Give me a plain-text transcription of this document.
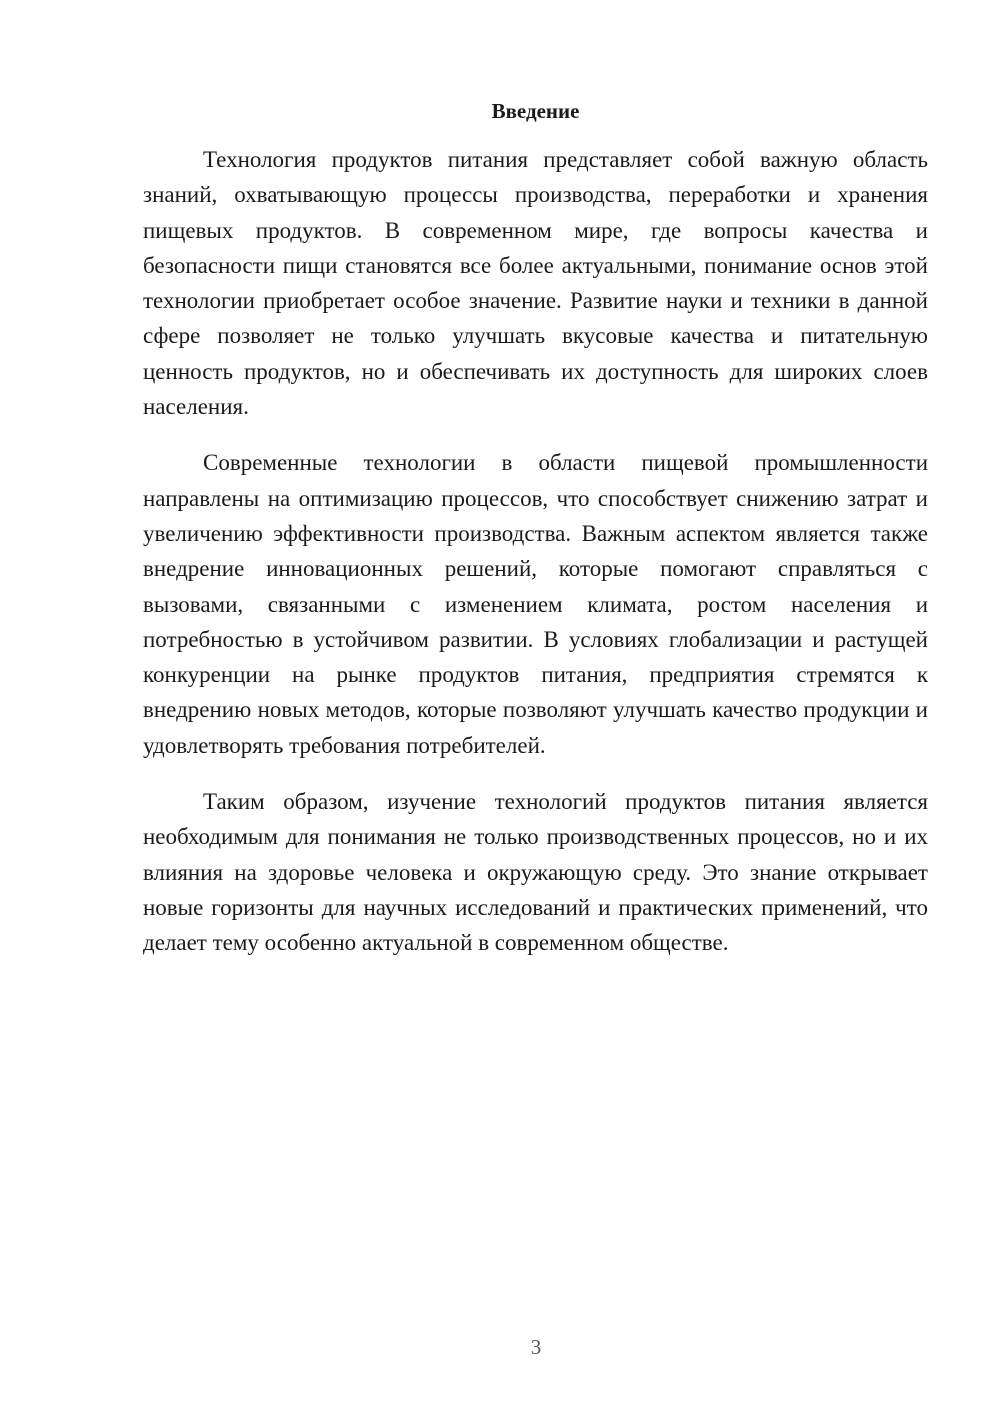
Введение

Технология продуктов питания представляет собой важную область знаний, охватывающую процессы производства, переработки и хранения пищевых продуктов. В современном мире, где вопросы качества и безопасности пищи становятся все более актуальными, понимание основ этой технологии приобретает особое значение. Развитие науки и техники в данной сфере позволяет не только улучшать вкусовые качества и питательную ценность продуктов, но и обеспечивать их доступность для широких слоев населения.

Современные технологии в области пищевой промышленности направлены на оптимизацию процессов, что способствует снижению затрат и увеличению эффективности производства. Важным аспектом является также внедрение инновационных решений, которые помогают справляться с вызовами, связанными с изменением климата, ростом населения и потребностью в устойчивом развитии. В условиях глобализации и растущей конкуренции на рынке продуктов питания, предприятия стремятся к внедрению новых методов, которые позволяют улучшать качество продукции и удовлетворять требования потребителей.

Таким образом, изучение технологий продуктов питания является необходимым для понимания не только производственных процессов, но и их влияния на здоровье человека и окружающую среду. Это знание открывает новые горизонты для научных исследований и практических применений, что делает тему особенно актуальной в современном обществе.

3
